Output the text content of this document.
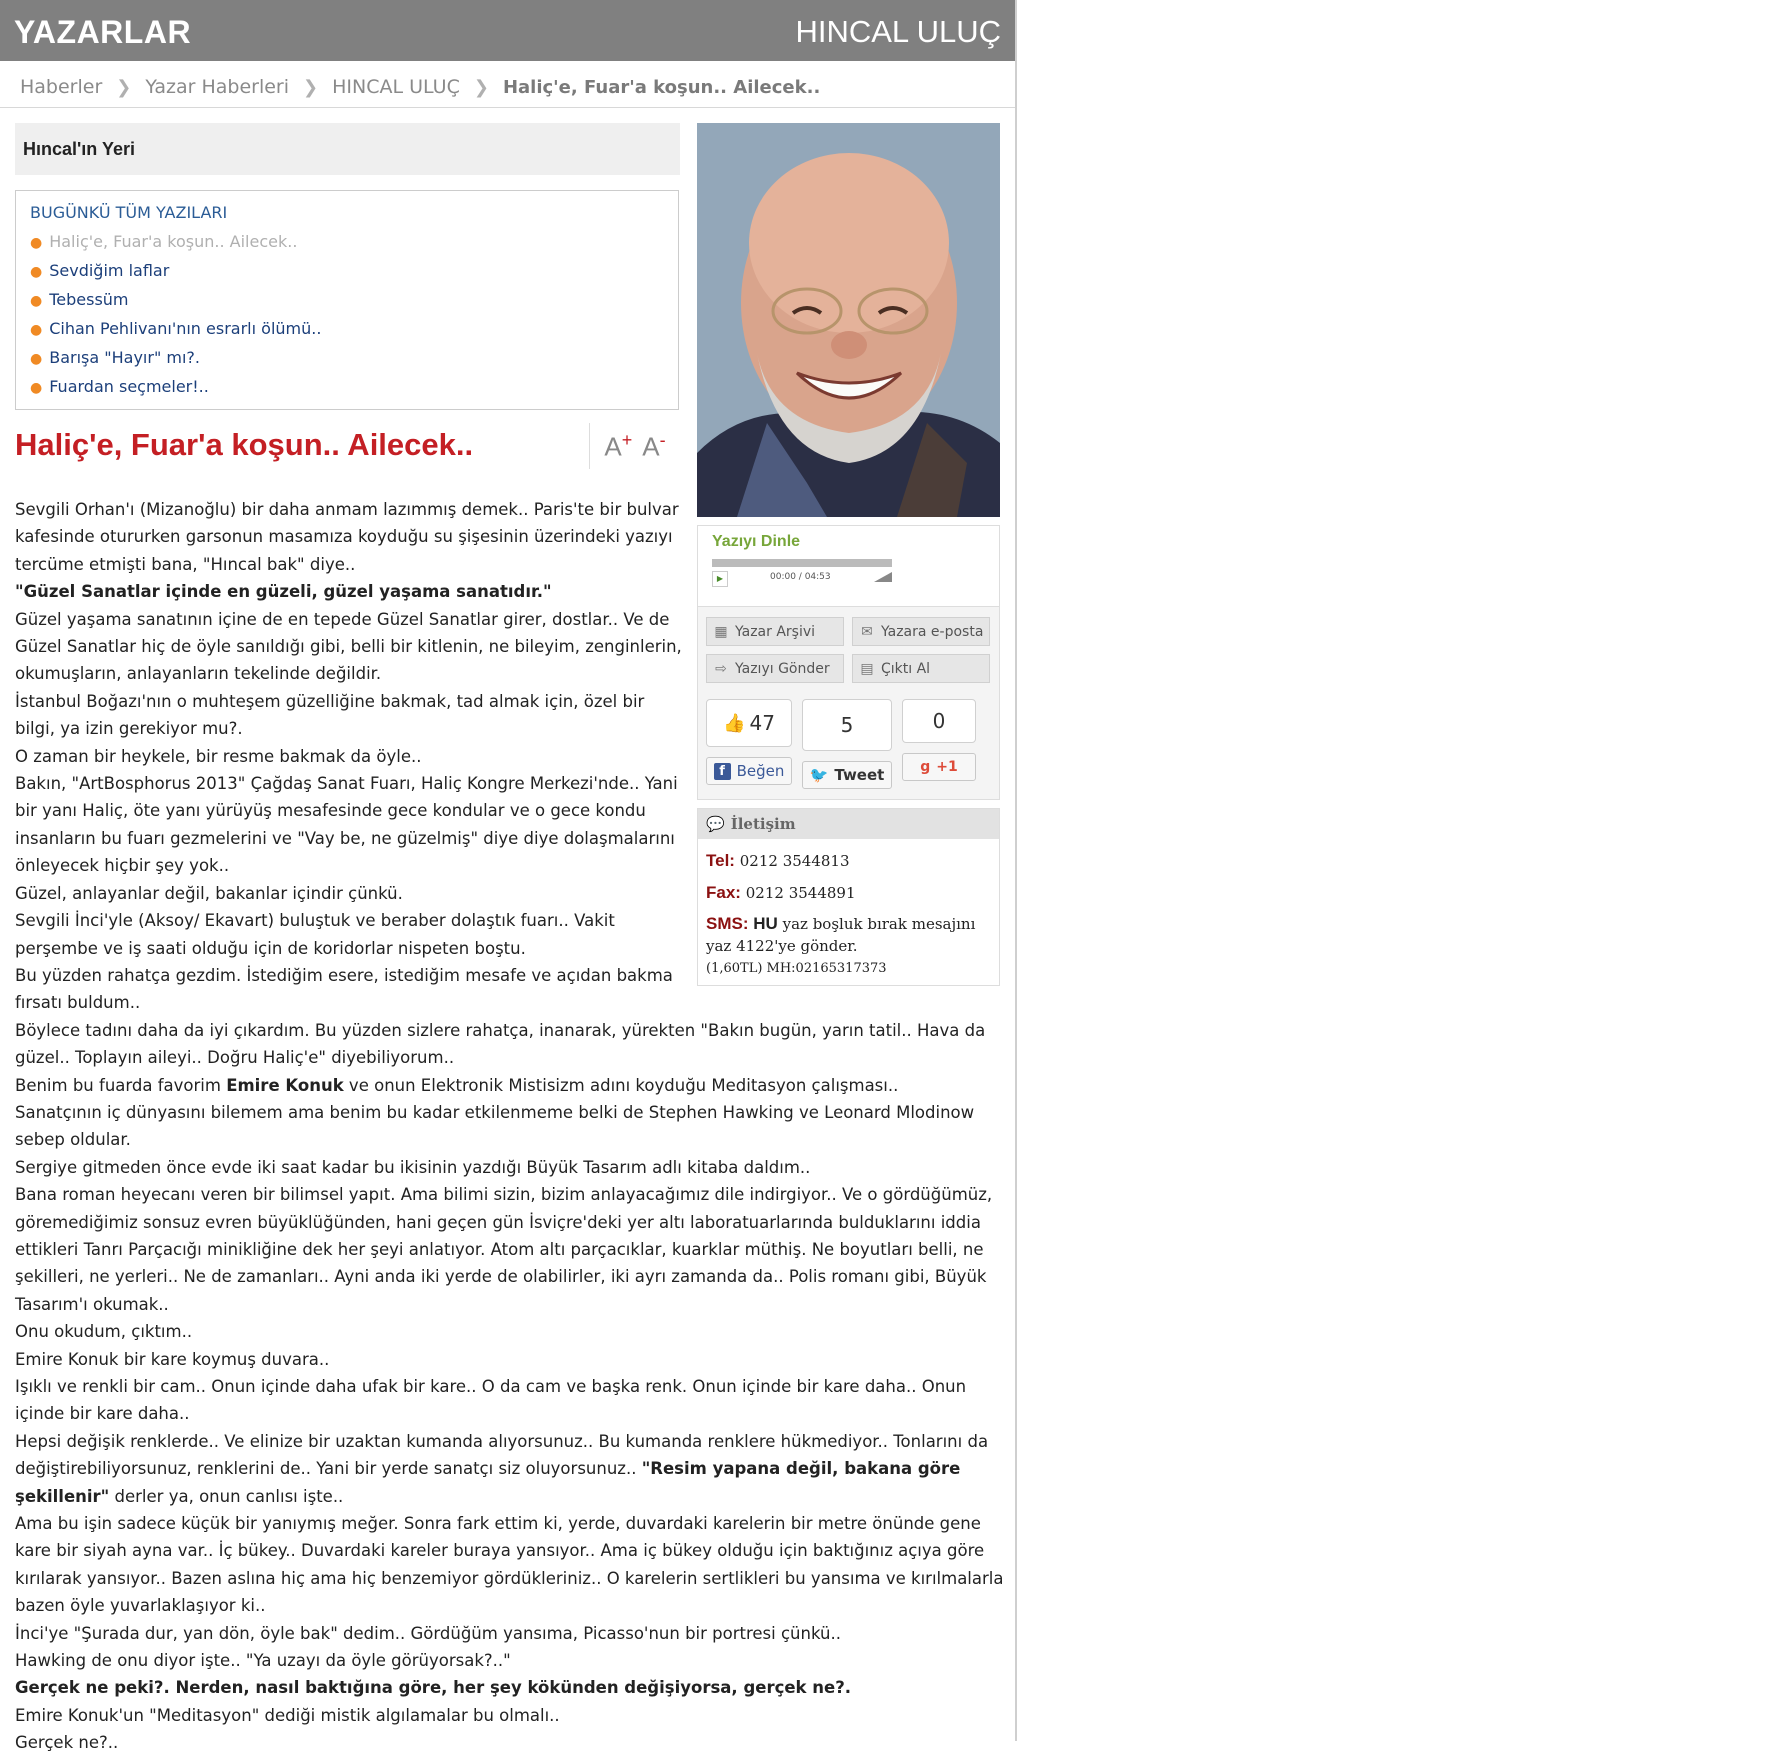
YAZARLAR	HINCAL ULUÇ
Haberler ❯ Yazar Haberleri ❯ HINCAL ULUÇ ❯ Haliç'e, Fuar'a koşun.. Ailecek..
Hıncal'ın Yeri
BUGÜNKÜ TÜM YAZILARI
● Haliç'e, Fuar'a koşun.. Ailecek..
● Sevdiğim laflar
● Tebessüm
● Cihan Pehlivanı'nın esrarlı ölümü..
● Barışa "Hayır" mı?.
● Fuardan seçmeler!..
Haliç'e, Fuar'a koşun.. Ailecek..	A+ A-

Sevgili Orhan'ı (Mizanoğlu) bir daha anmam lazımmış demek.. Paris'te bir bulvar kafesinde otururken garsonun masamıza koyduğu su şişesinin üzerindeki yazıyı tercüme etmişti bana, "Hıncal bak" diye..

"Güzel Sanatlar içinde en güzeli, güzel yaşama sanatıdır."

Güzel yaşama sanatının içine de en tepede Güzel Sanatlar girer, dostlar.. Ve de Güzel Sanatlar hiç de öyle sanıldığı gibi, belli bir kitlenin, ne bileyim, zenginlerin, okumuşların, anlayanların tekelinde değildir.

İstanbul Boğazı'nın o muhteşem güzelliğine bakmak, tad almak için, özel bir bilgi, ya izin gerekiyor mu?.

O zaman bir heykele, bir resme bakmak da öyle..

Bakın, "ArtBosphorus 2013" Çağdaş Sanat Fuarı, Haliç Kongre Merkezi'nde.. Yani bir yanı Haliç, öte yanı yürüyüş mesafesinde gece kondular ve o gece kondu insanların bu fuarı gezmelerini ve "Vay be, ne güzelmiş" diye diye dolaşmalarını önleyecek hiçbir şey yok..

Güzel, anlayanlar değil, bakanlar içindir çünkü.

Sevgili İnci'yle (Aksoy/ Ekavart) buluştuk ve beraber dolaştık fuarı.. Vakit perşembe ve iş saati olduğu için de koridorlar nispeten boştu.

Bu yüzden rahatça gezdim. İstediğim esere, istediğim mesafe ve açıdan bakma fırsatı buldum..

Böylece tadını daha da iyi çıkardım. Bu yüzden sizlere rahatça, inanarak, yürekten "Bakın bugün, yarın tatil.. Hava da güzel.. Toplayın aileyi.. Doğru Haliç'e" diyebiliyorum..

Benim bu fuarda favorim Emire Konuk ve onun Elektronik Mistisizm adını koyduğu Meditasyon çalışması..

Sanatçının iç dünyasını bilemem ama benim bu kadar etkilenmeme belki de Stephen Hawking ve Leonard Mlodinow sebep oldular.

Sergiye gitmeden önce evde iki saat kadar bu ikisinin yazdığı Büyük Tasarım adlı kitaba daldım..

Bana roman heyecanı veren bir bilimsel yapıt. Ama bilimi sizin, bizim anlayacağımız dile indirgiyor.. Ve o gördüğümüz, göremediğimiz sonsuz evren büyüklüğünden, hani geçen gün İsviçre'deki yer altı laboratuarlarında bulduklarını iddia ettikleri Tanrı Parçacığı minikliğine dek her şeyi anlatıyor. Atom altı parçacıklar, kuarklar müthiş. Ne boyutları belli, ne şekilleri, ne yerleri.. Ne de zamanları.. Ayni anda iki yerde de olabilirler, iki ayrı zamanda da.. Polis romanı gibi, Büyük Tasarım'ı okumak..

Onu okudum, çıktım..

Emire Konuk bir kare koymuş duvara..

Işıklı ve renkli bir cam.. Onun içinde daha ufak bir kare.. O da cam ve başka renk. Onun içinde bir kare daha.. Onun içinde bir kare daha..

Hepsi değişik renklerde.. Ve elinize bir uzaktan kumanda alıyorsunuz.. Bu kumanda renklere hükmediyor.. Tonlarını da değiştirebiliyorsunuz, renklerini de.. Yani bir yerde sanatçı siz oluyorsunuz.. "Resim yapana değil, bakana göre şekillenir" derler ya, onun canlısı işte..

Ama bu işin sadece küçük bir yanıymış meğer. Sonra fark ettim ki, yerde, duvardaki karelerin bir metre önünde gene kare bir siyah ayna var.. İç bükey.. Duvardaki kareler buraya yansıyor.. Ama iç bükey olduğu için baktığınız açıya göre kırılarak yansıyor.. Bazen aslına hiç ama hiç benzemiyor gördükleriniz.. O karelerin sertlikleri bu yansıma ve kırılmalarla bazen öyle yuvarlaklaşıyor ki..

İnci'ye "Şurada dur, yan dön, öyle bak" dedim.. Gördüğüm yansıma, Picasso'nun bir portresi çünkü..

Hawking de onu diyor işte.. "Ya uzayı da öyle görüyorsak?.."

Gerçek ne peki?. Nerden, nasıl baktığına göre, her şey kökünden değişiyorsa, gerçek ne?.

Emire Konuk'un "Meditasyon" dediği mistik algılamalar bu olmalı..

Gerçek ne?..

Yazıyı Dinle
▶	00:00 / 04:53
▦ Yazar Arşivi	✉ Yazara e-posta
⇨ Yazıyı Gönder ▤ Çıktı Al
👍 47
f Beğen
5
🐦 Tweet
0
g +1
💬 İletişim
Tel: 0212 3544813
Fax: 0212 3544891
SMS: HU yaz boşluk bırak mesajını yaz 4122'ye gönder.
(1,60TL) MH:02165317373
